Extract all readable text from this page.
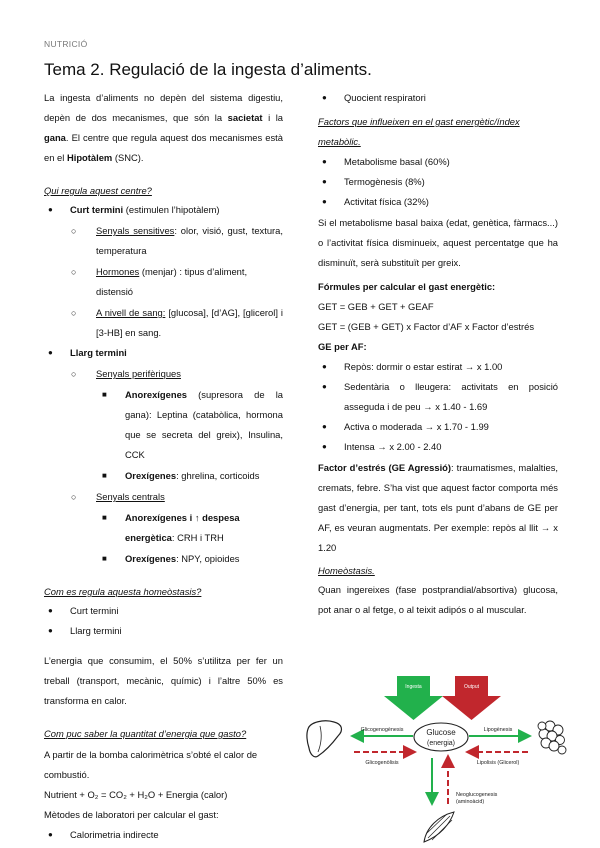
NUTRICIÓ
Tema 2. Regulació de la ingesta d’aliments.
La ingesta d’aliments no depèn del sistema digestiu, depèn de dos mecanismes, que són la sacietat i la gana. El centre que regula aquest dos mecanismes està en el Hipotàlem (SNC).
Qui regula aquest centre?
● Curt termini (estimulen l’hipotàlem)
○ Senyals sensitives: olor, visió, gust, textura, temperatura
○ Hormones (menjar) : tipus d’aliment, distensió
○ A nivell de sang: [glucosa], [d’AG], [glicerol] i [3-HB] en sang.
● Llarg termini
○ Senyals perifèriques
■ Anorexígenes (supresora de la gana): Leptina (catabòlica, hormona que se secreta del greix), Insulina, CCK
■ Orexígenes: ghrelina, corticoids
○ Senyals centrals
■ Anorexígenes i ↑ despesa energètica: CRH i TRH
■ Orexígenes: NPY, opioides
Com es regula aquesta homeòstasis?
● Curt termini
● Llarg termini
L’energia que consumim, el 50% s’utilitza per fer un treball (transport, mecànic, químic) i l’altre 50% es transforma en calor.
Com puc saber la quantitat d’energia que gasto?
A partir de la bomba calorimètrica s’obté el calor de combustió.
Nutrient + O₂ = CO₂ + H₂O + Energia (calor)
Mètodes de laboratori per calcular el gast:
● Calorimetria indirecte
● Quocient respiratori
Factors que influeixen en el gast energètic/índex metabòlic.
● Metabolisme basal (60%)
● Termogènesis (8%)
● Activitat física (32%)
Si el metabolisme basal baixa (edat, genètica, fàrmacs...) o l’activitat física disminueix, aquest percentatge que ha disminuït, serà substituït per greix.
Fórmules per calcular el gast energètic:
GET = GEB + GET + GEAF
GET = (GEB + GET) x Factor d’AF x Factor d’estrés
GE per AF:
● Repòs: dormir o estar estirat → x 1.00
● Sedentària o lleugera: activitats en posició asseguda i de peu → x 1.40 - 1.69
● Activa o moderada → x 1.70 - 1.99
● Intensa → x 2.00 - 2.40
Factor d’estrés (GE Agressió): traumatismes, malalties, cremats, febre. S’ha vist que aquest factor comporta més gast d’energia, per tant, tots els punt d’abans de GE per AF, es veuran augmentats. Per exemple: repòs al llit → x 1.20
Homeòstasis.
Quan ingereixes (fase postprandial/absortiva) glucosa, pot anar o al fetge, o al teixit adipós o al muscular.
Ingesta	Output
Glucose
(energia)
Glicogenogènesis
Glicogenòlisis
Lipogènesis
Lipolisis (Glicerol)
Neoglucogenesis
(aminoàcid)
